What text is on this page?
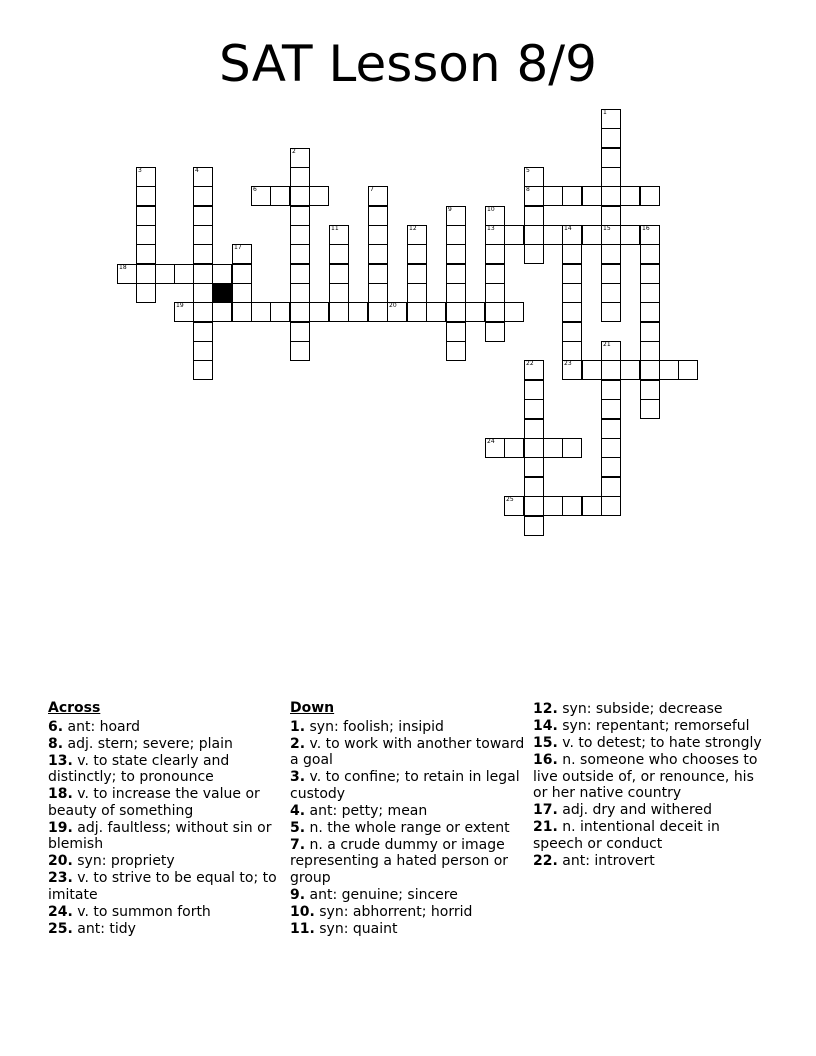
SAT Lesson 8/9
1
2
3	4	5
8
6	7
9	10
13
11	12	14	15	16
17
18
19	20
21
22	23
24
25
Across
6. ant: hoard
8. adj. stern; severe; plain
13. v. to state clearly and distinctly; to pronounce
18. v. to increase the value or beauty of something
19. adj. faultless; without sin or blemish
20. syn: propriety
23. v. to strive to be equal to; to imitate
24. v. to summon forth
25. ant: tidy
Down
1. syn: foolish; insipid
2. v. to work with another toward a goal
3. v. to confine; to retain in legal custody
4. ant: petty; mean
5. n. the whole range or extent
7. n. a crude dummy or image representing a hated person or group
9. ant: genuine; sincere
10. syn: abhorrent; horrid
11. syn: quaint
12. syn: subside; decrease
14. syn: repentant; remorseful
15. v. to detest; to hate strongly
16. n. someone who chooses to live outside of, or renounce, his or her native country
17. adj. dry and withered
21. n. intentional deceit in speech or conduct
22. ant: introvert
